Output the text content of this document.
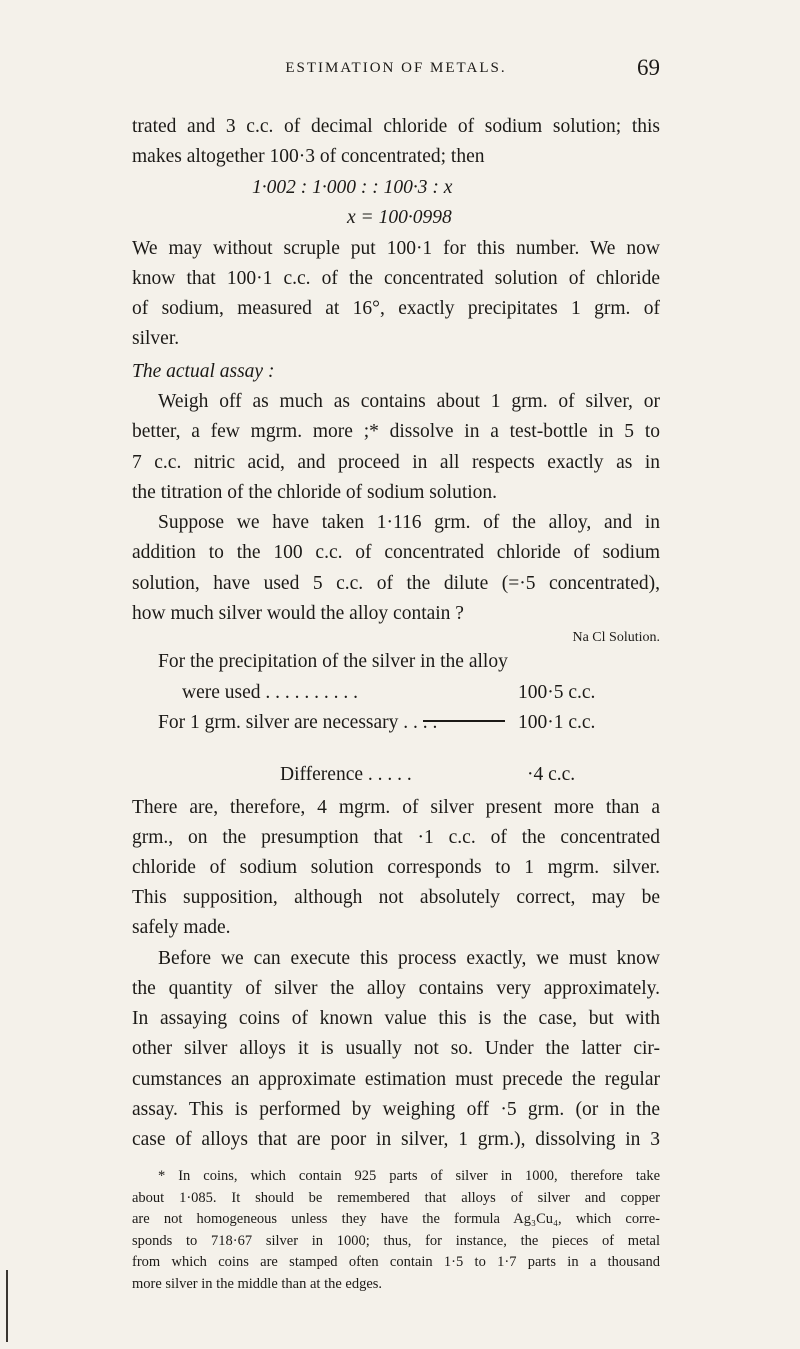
ESTIMATION OF METALS.	69
trated and 3 c.c. of decimal chloride of sodium solution; this
makes altogether 100·3 of concentrated; then
1·002 : 1·000 : : 100·3 : x
x = 100·0998
We may without scruple put 100·1 for this number. We now
know that 100·1 c.c. of the concentrated solution of chloride
of sodium, measured at 16°, exactly precipitates 1 grm. of
silver.
The actual assay :
Weigh off as much as contains about 1 grm. of silver, or
better, a few mgrm. more ;* dissolve in a test-bottle in 5 to
7 c.c. nitric acid, and proceed in all respects exactly as in
the titration of the chloride of sodium solution.
Suppose we have taken 1·116 grm. of the alloy, and in
addition to the 100 c.c. of concentrated chloride of sodium
solution, have used 5 c.c. of the dilute (=·5 concentrated),
how much silver would the alloy contain ?
Na Cl Solution.
For the precipitation of the silver in the alloy
were used . . . . . . . . . .	100·5 c.c.
For 1 grm. silver are necessary . . . .	100·1 c.c.
Difference . . . . .	·4 c.c.
There are, therefore, 4 mgrm. of silver present more than a
grm., on the presumption that ·1 c.c. of the concentrated
chloride of sodium solution corresponds to 1 mgrm. silver.
This supposition, although not absolutely correct, may be
safely made.
Before we can execute this process exactly, we must know
the quantity of silver the alloy contains very approximately.
In assaying coins of known value this is the case, but with
other silver alloys it is usually not so. Under the latter cir-
cumstances an approximate estimation must precede the regular
assay. This is performed by weighing off ·5 grm. (or in the
case of alloys that are poor in silver, 1 grm.), dissolving in 3
* In coins, which contain 925 parts of silver in 1000, therefore take
about 1·085. It should be remembered that alloys of silver and copper
are not homogeneous unless they have the formula Ag₃Cu₄, which corre-
sponds to 718·67 silver in 1000; thus, for instance, the pieces of metal
from which coins are stamped often contain 1·5 to 1·7 parts in a thousand
more silver in the middle than at the edges.
